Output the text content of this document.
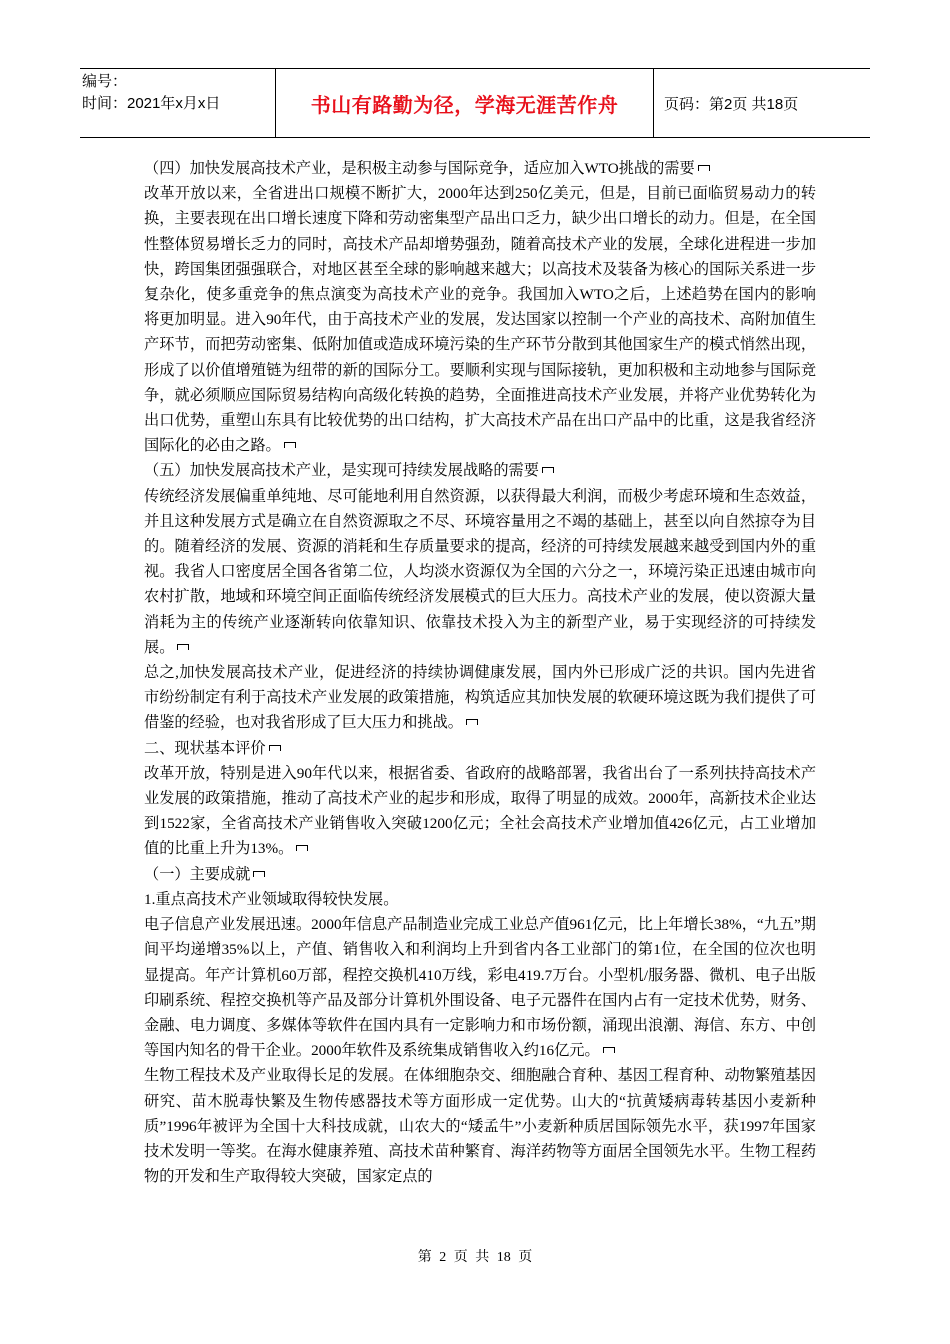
编号：
时间：2021年x月x日	书山有路勤为径，学海无涯苦作舟	页码：第2页 共18页

（四）加快发展高技术产业，是积极主动参与国际竞争，适应加入WTO挑战的需要

改革开放以来，全省进出口规模不断扩大，2000年达到250亿美元，但是，目前已面临贸易动力的转换，主要表现在出口增长速度下降和劳动密集型产品出口乏力，缺少出口增长的动力。但是，在全国性整体贸易增长乏力的同时，高技术产品却增势强劲，随着高技术产业的发展，全球化进程进一步加快，跨国集团强强联合，对地区甚至全球的影响越来越大；以高技术及装备为核心的国际关系进一步复杂化，使多重竞争的焦点演变为高技术产业的竞争。我国加入WTO之后，上述趋势在国内的影响将更加明显。进入90年代，由于高技术产业的发展，发达国家以控制一个产业的高技术、高附加值生产环节，而把劳动密集、低附加值或造成环境污染的生产环节分散到其他国家生产的模式悄然出现，形成了以价值增殖链为纽带的新的国际分工。要顺利实现与国际接轨，更加积极和主动地参与国际竞争，就必须顺应国际贸易结构向高级化转换的趋势，全面推进高技术产业发展，并将产业优势转化为出口优势，重塑山东具有比较优势的出口结构，扩大高技术产品在出口产品中的比重，这是我省经济国际化的必由之路。

（五）加快发展高技术产业，是实现可持续发展战略的需要

传统经济发展偏重单纯地、尽可能地利用自然资源，以获得最大利润，而极少考虑环境和生态效益，并且这种发展方式是确立在自然资源取之不尽、环境容量用之不竭的基础上，甚至以向自然掠夺为目的。随着经济的发展、资源的消耗和生存质量要求的提高，经济的可持续发展越来越受到国内外的重视。我省人口密度居全国各省第二位，人均淡水资源仅为全国的六分之一，环境污染正迅速由城市向农村扩散，地域和环境空间正面临传统经济发展模式的巨大压力。高技术产业的发展，使以资源大量消耗为主的传统产业逐渐转向依靠知识、依靠技术投入为主的新型产业，易于实现经济的可持续发展。

总之,加快发展高技术产业，促进经济的持续协调健康发展，国内外已形成广泛的共识。国内先进省市纷纷制定有利于高技术产业发展的政策措施，构筑适应其加快发展的软硬环境这既为我们提供了可借鉴的经验，也对我省形成了巨大压力和挑战。

二、现状基本评价

改革开放，特别是进入90年代以来，根据省委、省政府的战略部署，我省出台了一系列扶持高技术产业发展的政策措施，推动了高技术产业的起步和形成，取得了明显的成效。2000年，高新技术企业达到1522家，全省高技术产业销售收入突破1200亿元；全社会高技术产业增加值426亿元，占工业增加值的比重上升为13%。

（一）主要成就

1.重点高技术产业领域取得较快发展。

电子信息产业发展迅速。2000年信息产品制造业完成工业总产值961亿元，比上年增长38%，“九五”期间平均递增35%以上，产值、销售收入和利润均上升到省内各工业部门的第1位，在全国的位次也明显提高。年产计算机60万部，程控交换机410万线，彩电419.7万台。小型机/服务器、微机、电子出版印刷系统、程控交换机等产品及部分计算机外围设备、电子元器件在国内占有一定技术优势，财务、金融、电力调度、多媒体等软件在国内具有一定影响力和市场份额，涌现出浪潮、海信、东方、中创等国内知名的骨干企业。2000年软件及系统集成销售收入约16亿元。

生物工程技术及产业取得长足的发展。在体细胞杂交、细胞融合育种、基因工程育种、动物繁殖基因研究、苗木脱毒快繁及生物传感器技术等方面形成一定优势。山大的“抗黄矮病毒转基因小麦新种质”1996年被评为全国十大科技成就，山农大的“矮孟牛”小麦新种质居国际领先水平，获1997年国家技术发明一等奖。在海水健康养殖、高技术苗种繁育、海洋药物等方面居全国领先水平。生物工程药物的开发和生产取得较大突破，国家定点的

第 2 页 共 18 页
